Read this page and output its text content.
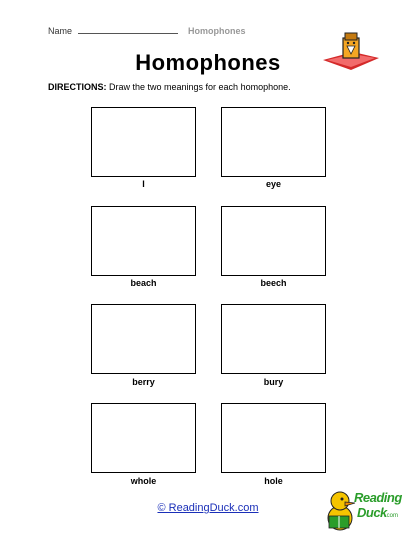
Name	Homophones
Homophones
DIRECTIONS: Draw the two meanings for each homophone.
I	eye
beach	beech
berry	bury
whole	hole
© ReadingDuck.com
Reading
Duck
.com
